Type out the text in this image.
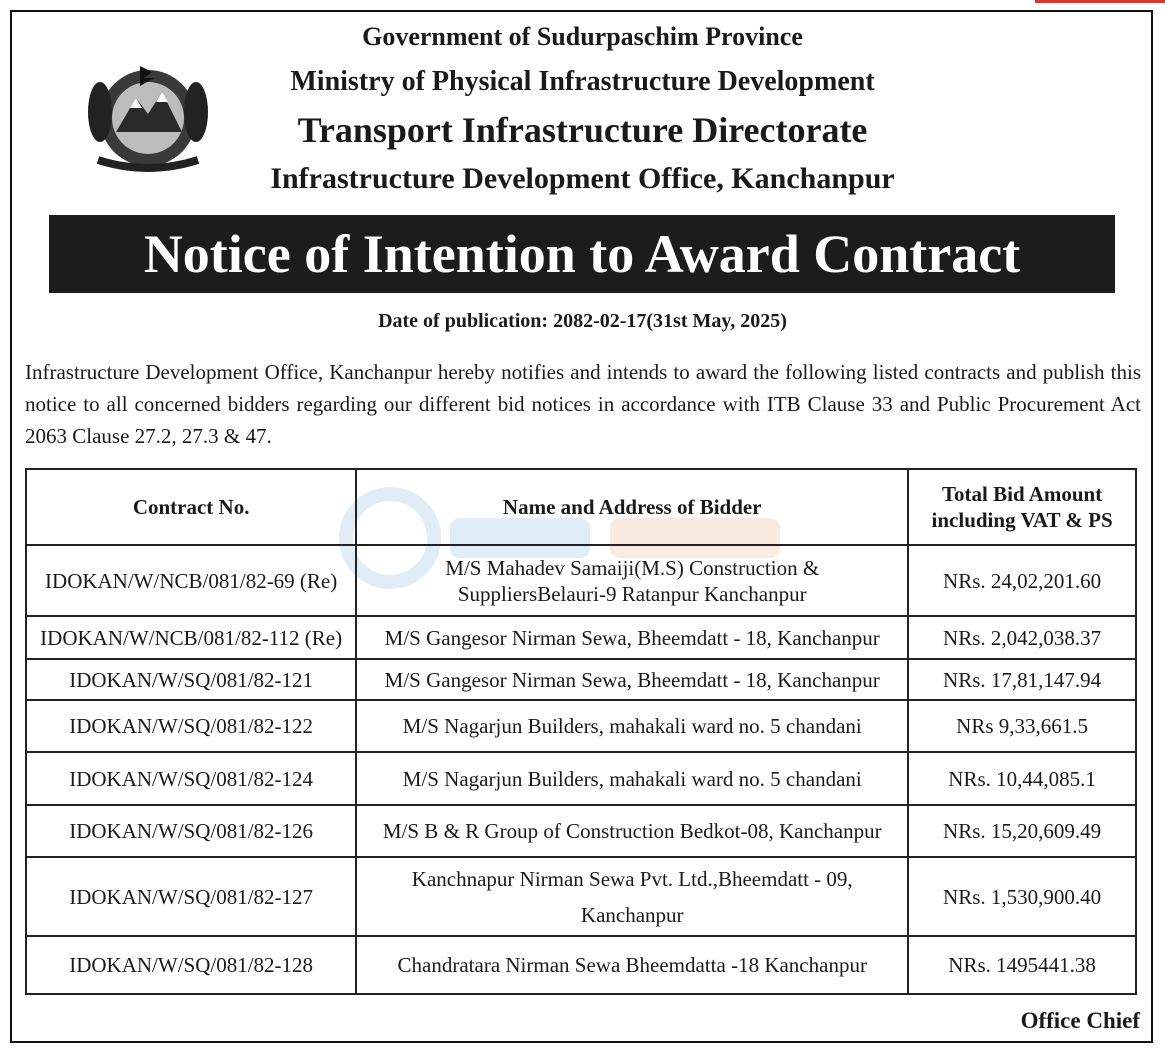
Government of Sudurpaschim Province
Ministry of Physical Infrastructure Development
Transport Infrastructure Directorate
Infrastructure Development Office, Kanchanpur
Notice of Intention to Award Contract
Date of publication: 2082-02-17(31st May, 2025)
Infrastructure Development Office, Kanchanpur hereby notifies and intends to award the following listed contracts and publish this notice to all concerned bidders regarding our different bid notices in accordance with ITB Clause 33 and Public Procurement Act 2063 Clause 27.2, 27.3 & 47.
Contract No.	Name and Address of Bidder	Total Bid Amount
including VAT & PS
IDOKAN/W/NCB/081/82-69 (Re)	M/S Mahadev Samaiji(M.S) Construction &
SuppliersBelauri-9 Ratanpur Kanchanpur	NRs. 24,02,201.60
IDOKAN/W/NCB/081/82-112 (Re)	M/S Gangesor Nirman Sewa, Bheemdatt - 18, Kanchanpur	NRs. 2,042,038.37
IDOKAN/W/SQ/081/82-121	M/S Gangesor Nirman Sewa, Bheemdatt - 18, Kanchanpur	NRs. 17,81,147.94
IDOKAN/W/SQ/081/82-122	M/S Nagarjun Builders, mahakali ward no. 5 chandani	NRs 9,33,661.5
IDOKAN/W/SQ/081/82-124	M/S Nagarjun Builders, mahakali ward no. 5 chandani	NRs. 10,44,085.1
IDOKAN/W/SQ/081/82-126	M/S B & R Group of Construction Bedkot-08, Kanchanpur	NRs. 15,20,609.49
IDOKAN/W/SQ/081/82-127	Kanchnapur Nirman Sewa Pvt. Ltd.,Bheemdatt - 09,
Kanchanpur	NRs. 1,530,900.40
IDOKAN/W/SQ/081/82-128	Chandratara Nirman Sewa Bheemdatta -18 Kanchanpur	NRs. 1495441.38
Office Chief
